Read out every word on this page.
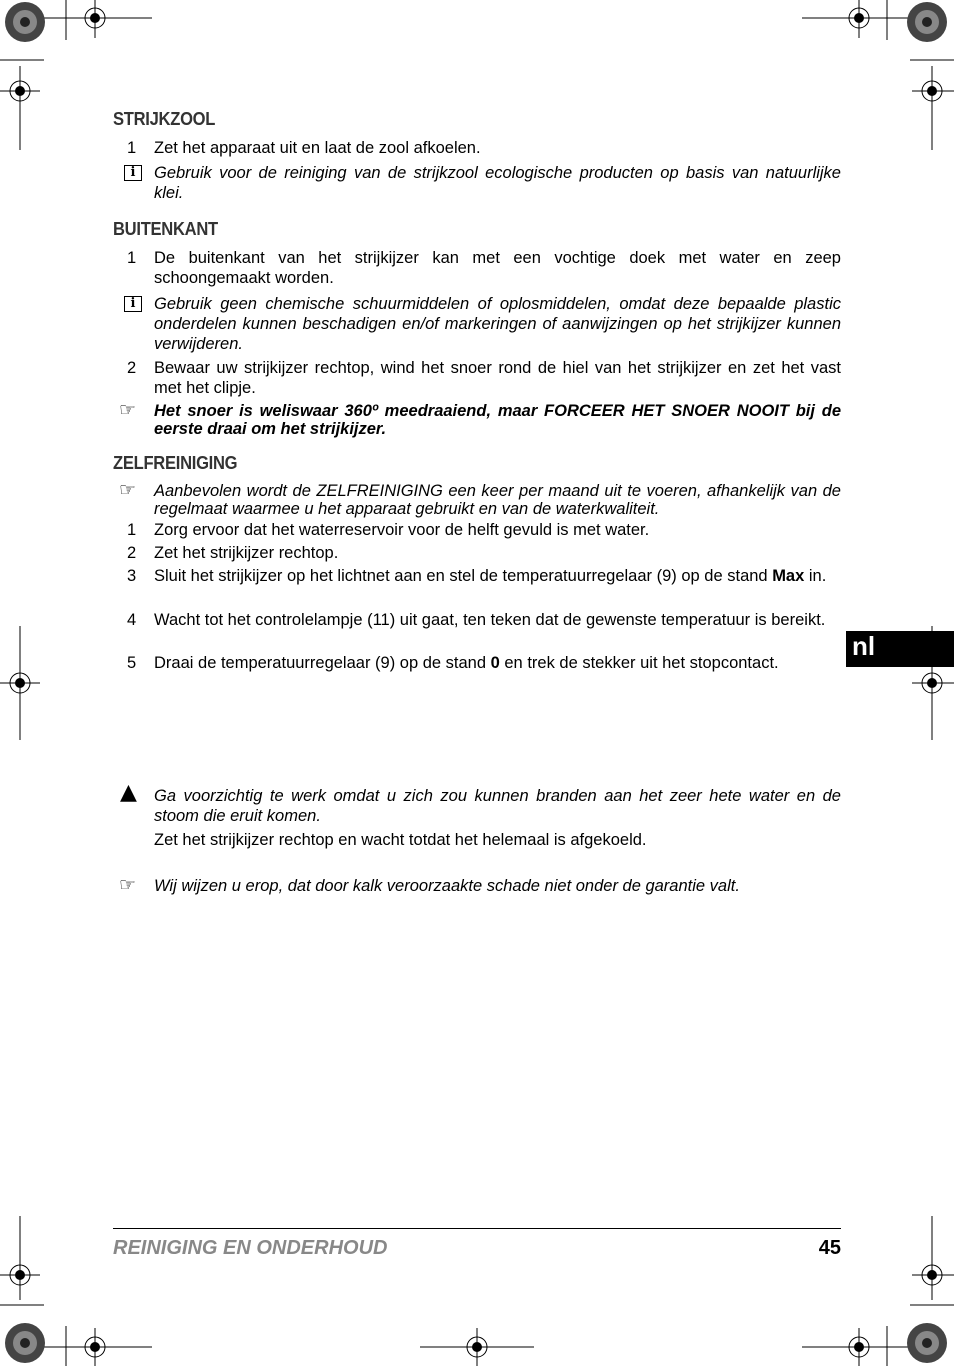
STRIJKZOOL
1 Zet het apparaat uit en laat de zool afkoelen.
i	Gebruik voor de reiniging van de strijkzool ecologische producten op basis van natuurlijke klei.
BUITENKANT
1 De buitenkant van het strijkijzer kan met een vochtige doek met water en zeep schoongemaakt worden.
i	Gebruik geen chemische schuurmiddelen of oplosmiddelen, omdat deze bepaalde plastic onderdelen kunnen beschadigen en/of markeringen of aanwijzingen op het strijkijzer kunnen verwijderen.
2 Bewaar uw strijkijzer rechtop, wind het snoer rond de hiel van het strijkijzer en zet het vast met het clipje.
☞ Het snoer is weliswaar 360º meedraaiend, maar FORCEER HET SNOER NOOIT bij de eerste draai om het strijkijzer.
ZELFREINIGING
☞ Aanbevolen wordt de ZELFREINIGING een keer per maand uit te voeren, afhankelijk van de regelmaat waarmee u het apparaat gebruikt en van de waterkwaliteit.
1 Zorg ervoor dat het waterreservoir voor de helft gevuld is met water.
2 Zet het strijkijzer rechtop.
3 Sluit het strijkijzer op het lichtnet aan en stel de temperatuurregelaar (9) op de stand Max in.
4 Wacht tot het controlelampje (11) uit gaat, ten teken dat de gewenste temperatuur is bereikt.
5 Draai de temperatuurregelaar (9) op de stand 0 en trek de stekker uit het stopcontact.
nl
▲ Ga voorzichtig te werk omdat u zich zou kunnen branden aan het zeer hete water en de stoom die eruit komen.
Zet het strijkijzer rechtop en wacht totdat het helemaal is afgekoeld.
☞ Wij wijzen u erop, dat door kalk veroorzaakte schade niet onder de garantie valt.
REINIGING EN ONDERHOUD	45
